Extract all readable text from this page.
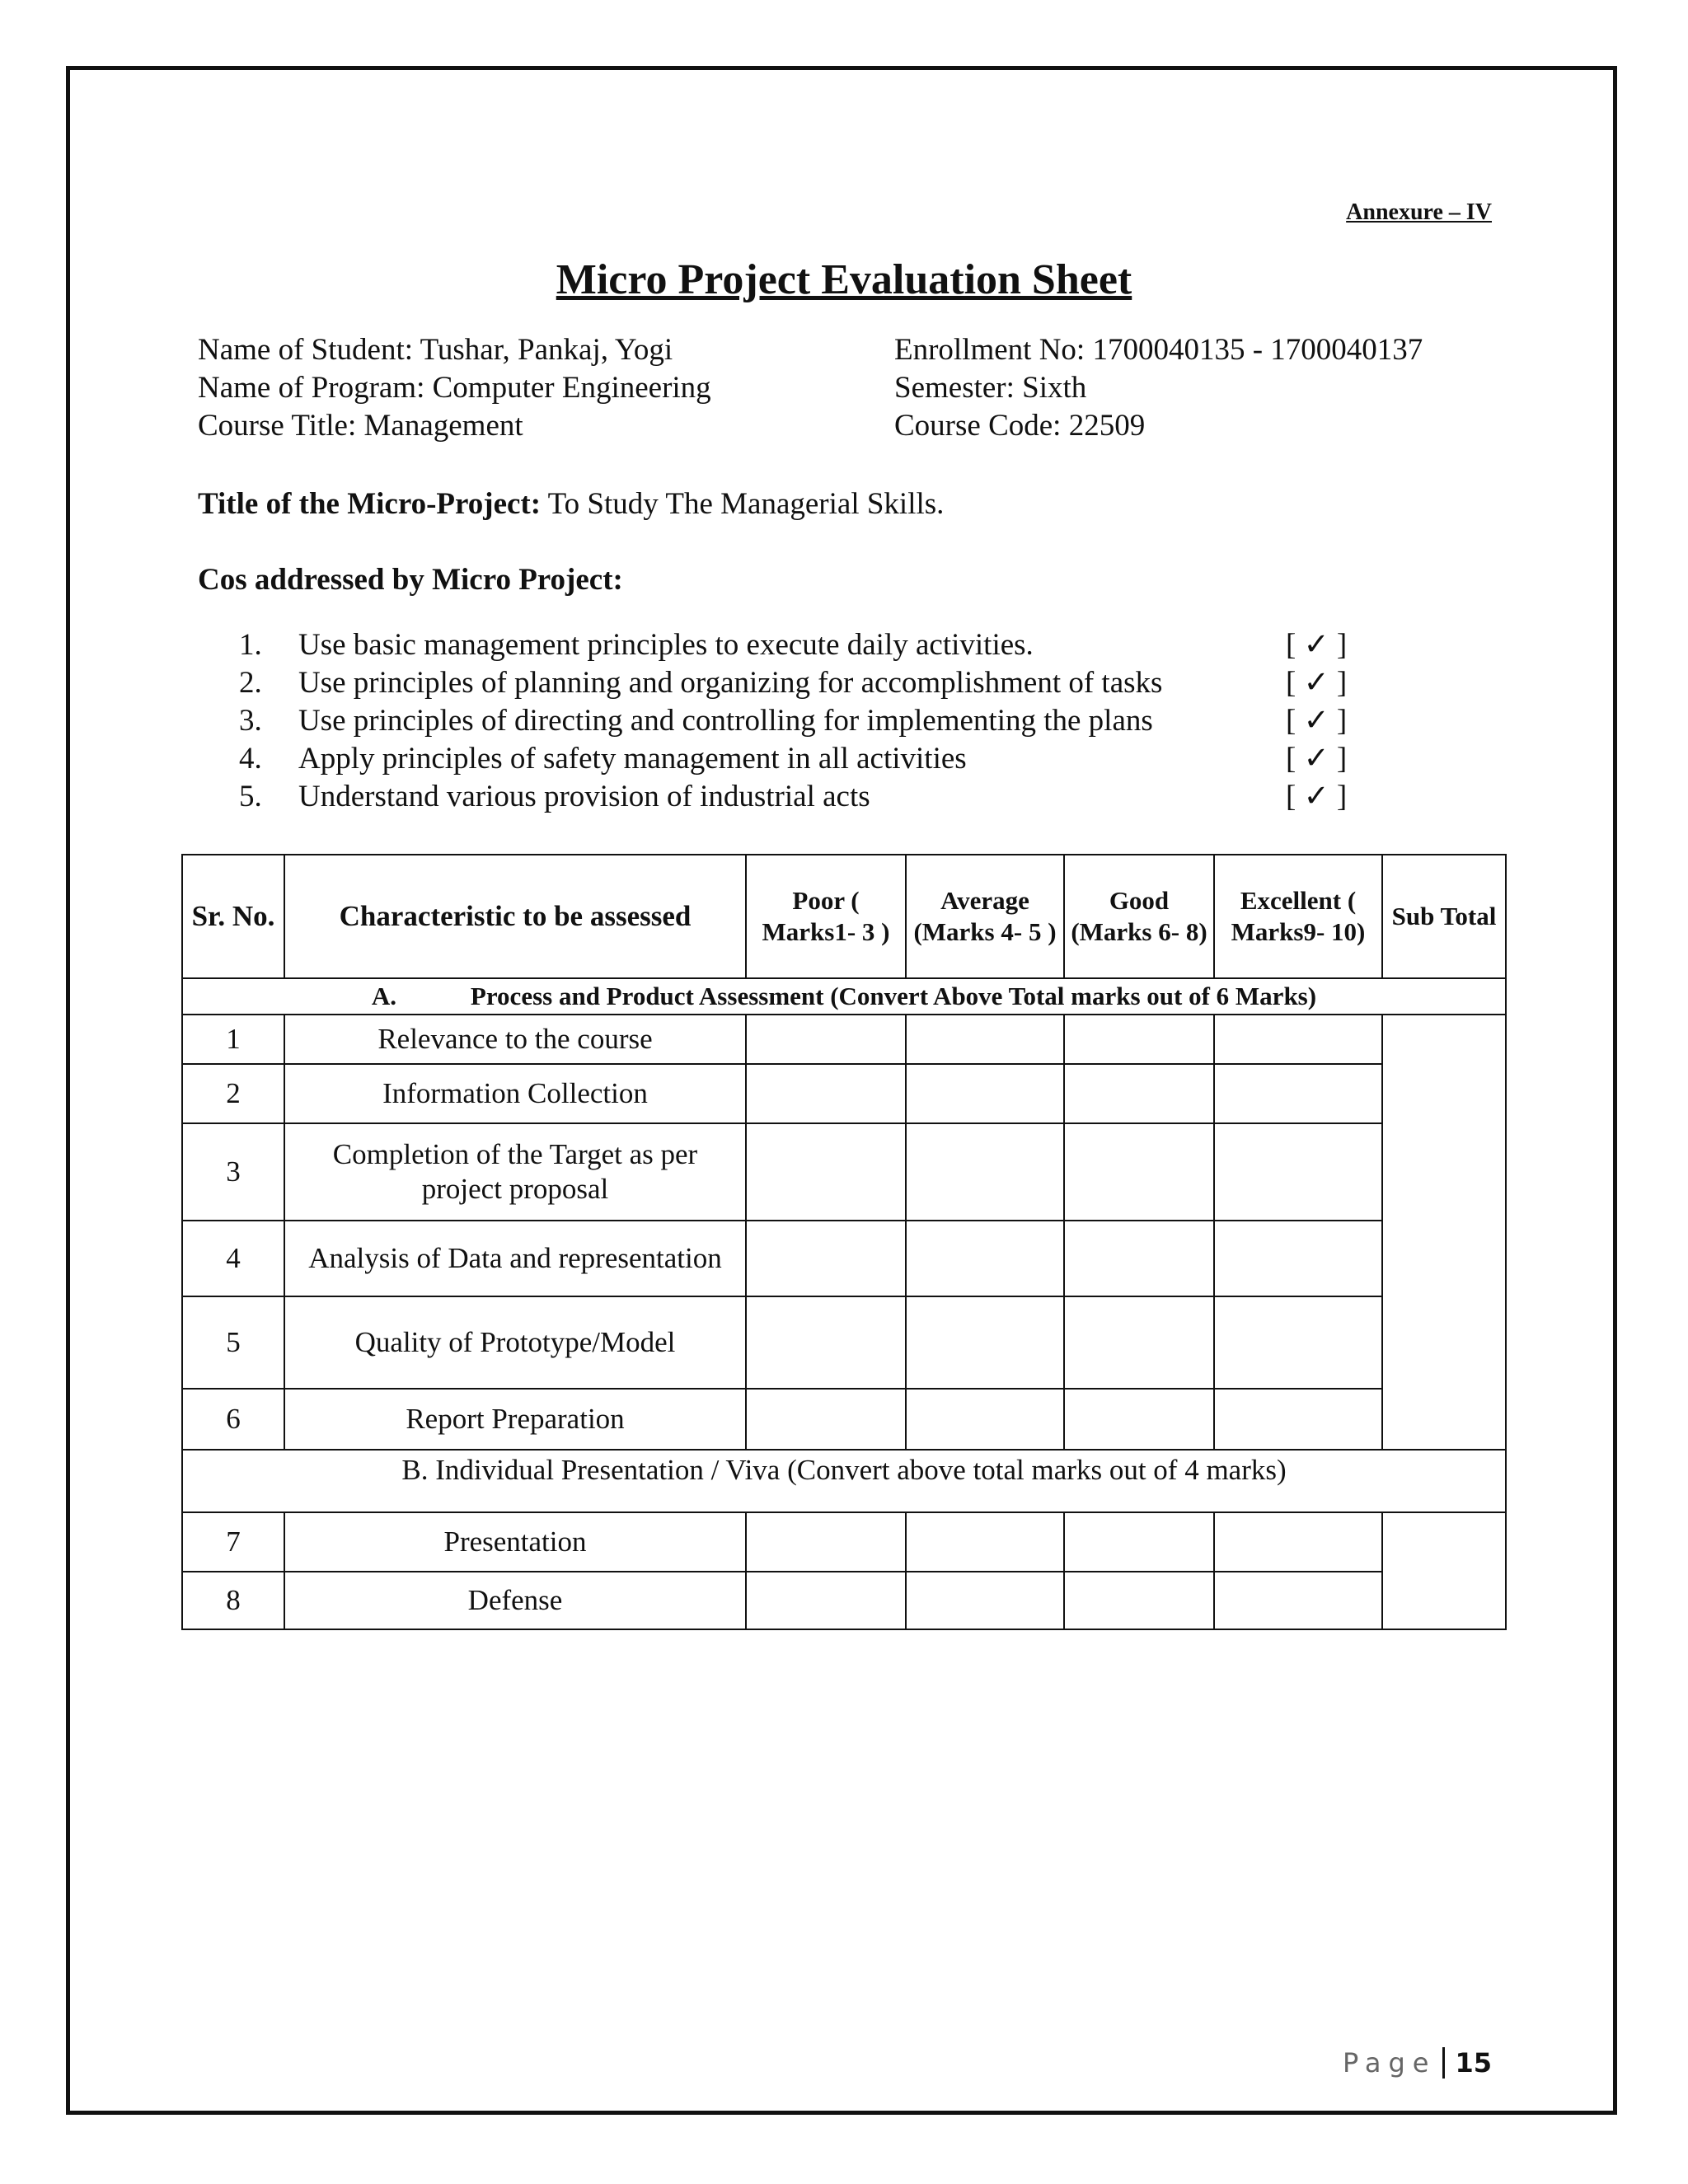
Annexure – IV
Micro Project Evaluation Sheet
Name of Student: Tushar, Pankaj, Yogi	Enrollment No: 1700040135 - 1700040137
Name of Program: Computer Engineering	Semester: Sixth
Course Title: Management	Course Code: 22509
Title of the Micro-Project: To Study The Managerial Skills.
Cos addressed by Micro Project:
1.	Use basic management principles to execute daily activities.	[ ✓ ]
2.	Use principles of planning and organizing for accomplishment of tasks	[ ✓ ]
3.	Use principles of directing and controlling for implementing the plans	[ ✓ ]
4.	Apply principles of safety management in all activities	[ ✓ ]
5.	Understand various provision of industrial acts	[ ✓ ]
Sr. No.	Characteristic to be assessed	Poor ( Marks1- 3 )	Average (Marks 4- 5 )	Good (Marks 6- 8)	Excellent ( Marks9- 10)	Sub Total
A. Process and Product Assessment (Convert Above Total marks out of 6 Marks)						
1	Relevance to the course					
2	Information Collection					
3	Completion of the Target as per project proposal					
4	Analysis of Data and representation					
5	Quality of Prototype/Model					
6	Report Preparation					
B. Individual Presentation / Viva (Convert above total marks out of 4 marks)						
7	Presentation					
8	Defense					
Page 15
